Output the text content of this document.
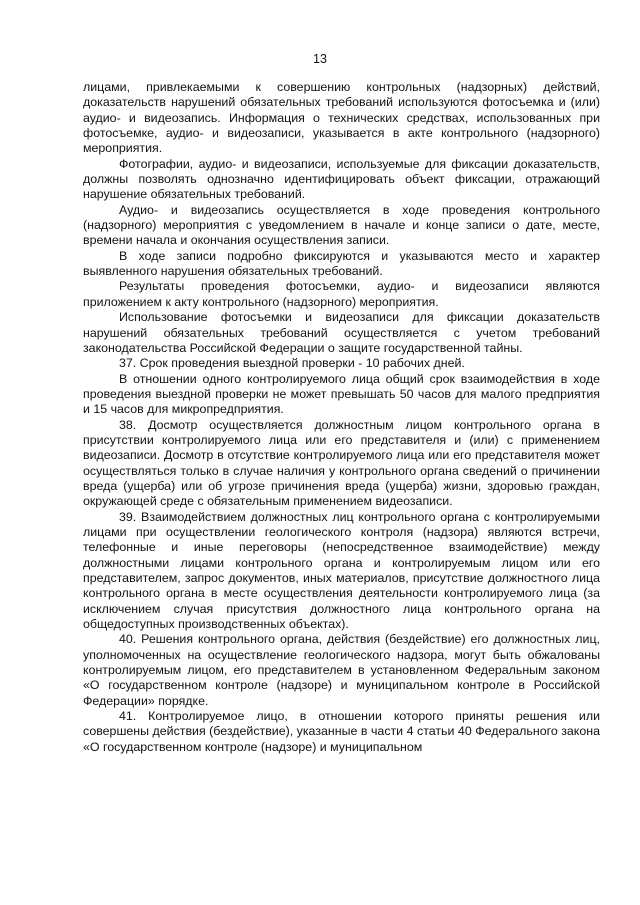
13

лицами, привлекаемыми к совершению контрольных (надзорных) действий, доказательств нарушений обязательных требований используются фотосъемка и (или) аудио- и видеозапись. Информация о технических средствах, использованных при фотосъемке, аудио- и видеозаписи, указывается в акте контрольного (надзорного) мероприятия.

Фотографии, аудио- и видеозаписи, используемые для фиксации доказательств, должны позволять однозначно идентифицировать объект фиксации, отражающий нарушение обязательных требований.

Аудио- и видеозапись осуществляется в ходе проведения контрольного (надзорного) мероприятия с уведомлением в начале и конце записи о дате, месте, времени начала и окончания осуществления записи.

В ходе записи подробно фиксируются и указываются место и характер выявленного нарушения обязательных требований.

Результаты проведения фотосъемки, аудио- и видеозаписи являются приложением к акту контрольного (надзорного) мероприятия.

Использование фотосъемки и видеозаписи для фиксации доказательств нарушений обязательных требований осуществляется с учетом требований законодательства Российской Федерации о защите государственной тайны.

37. Срок проведения выездной проверки - 10 рабочих дней.

В отношении одного контролируемого лица общий срок взаимодействия в ходе проведения выездной проверки не может превышать 50 часов для малого предприятия и 15 часов для микропредприятия.

38. Досмотр осуществляется должностным лицом контрольного органа в присутствии контролируемого лица или его представителя и (или) с применением видеозаписи. Досмотр в отсутствие контролируемого лица или его представителя может осуществляться только в случае наличия у контрольного органа сведений о причинении вреда (ущерба) или об угрозе причинения вреда (ущерба) жизни, здоровью граждан, окружающей среде с обязательным применением видеозаписи.

39. Взаимодействием должностных лиц контрольного органа с контролируемыми лицами при осуществлении геологического контроля (надзора) являются встречи, телефонные и иные переговоры (непосредственное взаимодействие) между должностными лицами контрольного органа и контролируемым лицом или его представителем, запрос документов, иных материалов, присутствие должностного лица контрольного органа в месте осуществления деятельности контролируемого лица (за исключением случая присутствия должностного лица контрольного органа на общедоступных производственных объектах).

40. Решения контрольного органа, действия (бездействие) его должностных лиц, уполномоченных на осуществление геологического надзора, могут быть обжалованы контролируемым лицом, его представителем в установленном Федеральным законом «О государственном контроле (надзоре) и муниципальном контроле в Российской Федерации» порядке.

41. Контролируемое лицо, в отношении которого приняты решения или совершены действия (бездействие), указанные в части 4 статьи 40 Федерального закона «О государственном контроле (надзоре) и муниципальном
